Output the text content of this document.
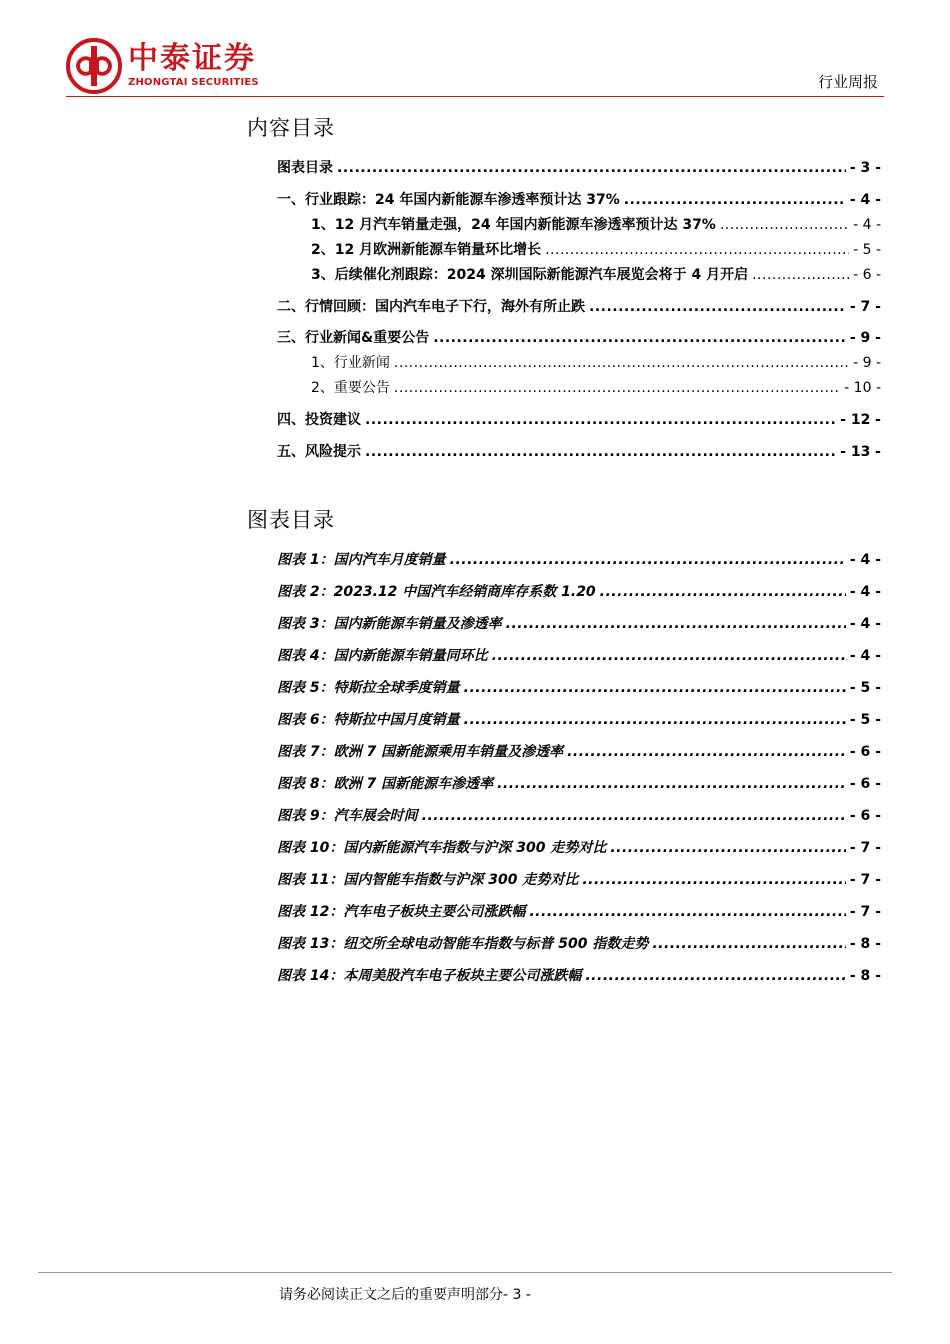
中泰证券
ZHONGTAI SECURITIES	行业周报
内容目录
图表目录 .....	- 3 -
一、行业跟踪：24 年国内新能源车渗透率预计达 37% .....	- 4 -
1、12 月汽车销量走强，24 年国内新能源车渗透率预计达 37% .....	- 4 -
2、12 月欧洲新能源车销量环比增长 .....	- 5 -
3、后续催化剂跟踪：2024 深圳国际新能源汽车展览会将于 4 月开启 .....	- 6 -
二、行情回顾：国内汽车电子下行，海外有所止跌 .....	- 7 -
三、行业新闻&重要公告 .....	- 9 -
1、行业新闻 .....	- 9 -
2、重要公告 .....	- 10 -
四、投资建议 .....	- 12 -
五、风险提示 .....	- 13 -
图表目录
图表 1：国内汽车月度销量 .....	- 4 -
图表 2：2023.12 中国汽车经销商库存系数 1.20 .....	- 4 -
图表 3：国内新能源车销量及渗透率 .....	- 4 -
图表 4：国内新能源车销量同环比 .....	- 4 -
图表 5：特斯拉全球季度销量 .....	- 5 -
图表 6：特斯拉中国月度销量 .....	- 5 -
图表 7：欧洲 7 国新能源乘用车销量及渗透率 .....	- 6 -
图表 8：欧洲 7 国新能源车渗透率 .....	- 6 -
图表 9：汽车展会时间 .....	- 6 -
图表 10：国内新能源汽车指数与沪深 300 走势对比 .....	- 7 -
图表 11：国内智能车指数与沪深 300 走势对比 .....	- 7 -
图表 12：汽车电子板块主要公司涨跌幅 .....	- 7 -
图表 13：纽交所全球电动智能车指数与标普 500 指数走势 .....	- 8 -
图表 14：本周美股汽车电子板块主要公司涨跌幅 .....	- 8 -
请务必阅读正文之后的重要声明部分- 3 -
